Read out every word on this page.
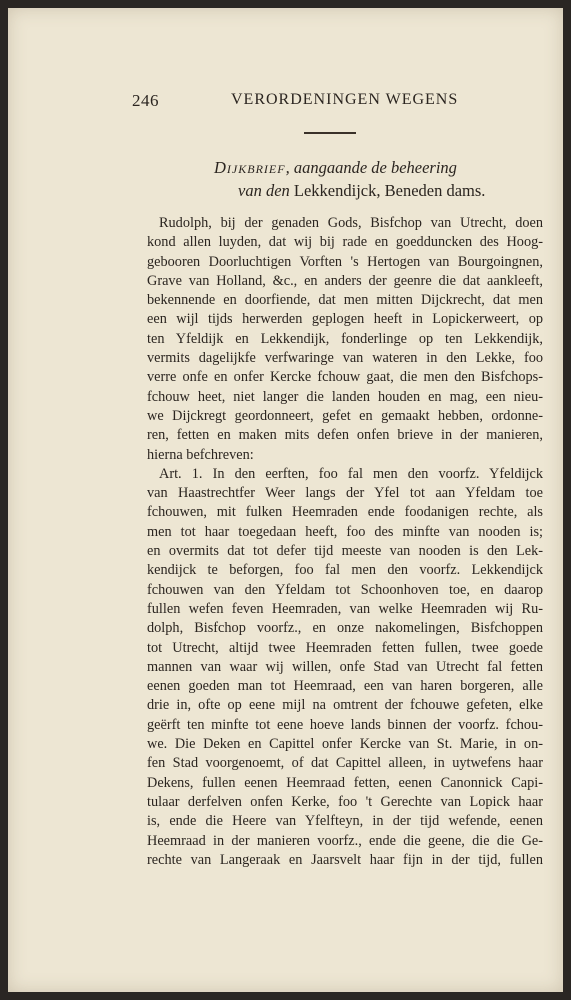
246	VERORDENINGEN WEGENS
Dijkbrief, aangaande de beheering
van den Lekkendijck, Beneden dams.
Rudolph, bij der genaden Gods, Bisfchop van Utrecht, doen
kond allen luyden, dat wij bij rade en goedduncken des Hoog-
gebooren Doorluchtigen Vorften 's Hertogen van Bourgoingnen,
Grave van Holland, &c., en anders der geenre die dat aankleeft,
bekennende en doorfiende, dat men mitten Dijckrecht, dat men
een wijl tijds herwerden geplogen heeft in Lopickerweert, op
ten Yfeldijk en Lekkendijk, fonderlinge op ten Lekkendijk,
vermits dagelijkfe verfwaringe van wateren in den Lekke, foo
verre onfe en onfer Kercke fchouw gaat, die men den Bisfchops-
fchouw heet, niet langer die landen houden en mag, een nieu-
we Dijckregt geordonneert, gefet en gemaakt hebben, ordonne-
ren, fetten en maken mits defen onfen brieve in der manieren,
hierna befchreven:
Art. 1. In den eerften, foo fal men den voorfz. Yfeldijck
van Haastrechtfer Weer langs der Yfel tot aan Yfeldam toe
fchouwen, mit fulken Heemraden ende foodanigen rechte, als
men tot haar toegedaan heeft, foo des minfte van nooden is;
en overmits dat tot defer tijd meeste van nooden is den Lek-
kendijck te beforgen, foo fal men den voorfz. Lekkendijck
fchouwen van den Yfeldam tot Schoonhoven toe, en daarop
fullen wefen feven Heemraden, van welke Heemraden wij Ru-
dolph, Bisfchop voorfz., en onze nakomelingen, Bisfchoppen
tot Utrecht, altijd twee Heemraden fetten fullen, twee goede
mannen van waar wij willen, onfe Stad van Utrecht fal fetten
eenen goeden man tot Heemraad, een van haren borgeren, alle
drie in, ofte op eene mijl na omtrent der fchouwe gefeten, elke
geërft ten minfte tot eene hoeve lands binnen der voorfz. fchou-
we. Die Deken en Capittel onfer Kercke van St. Marie, in on-
fen Stad voorgenoemt, of dat Capittel alleen, in uytwefens haar
Dekens, fullen eenen Heemraad fetten, eenen Canonnick Capi-
tulaar derfelven onfen Kerke, foo 't Gerechte van Lopick haar
is, ende die Heere van Yfelfteyn, in der tijd wefende, eenen
Heemraad in der manieren voorfz., ende die geene, die die Ge-
rechte van Langeraak en Jaarsvelt haar fijn in der tijd, fullen
